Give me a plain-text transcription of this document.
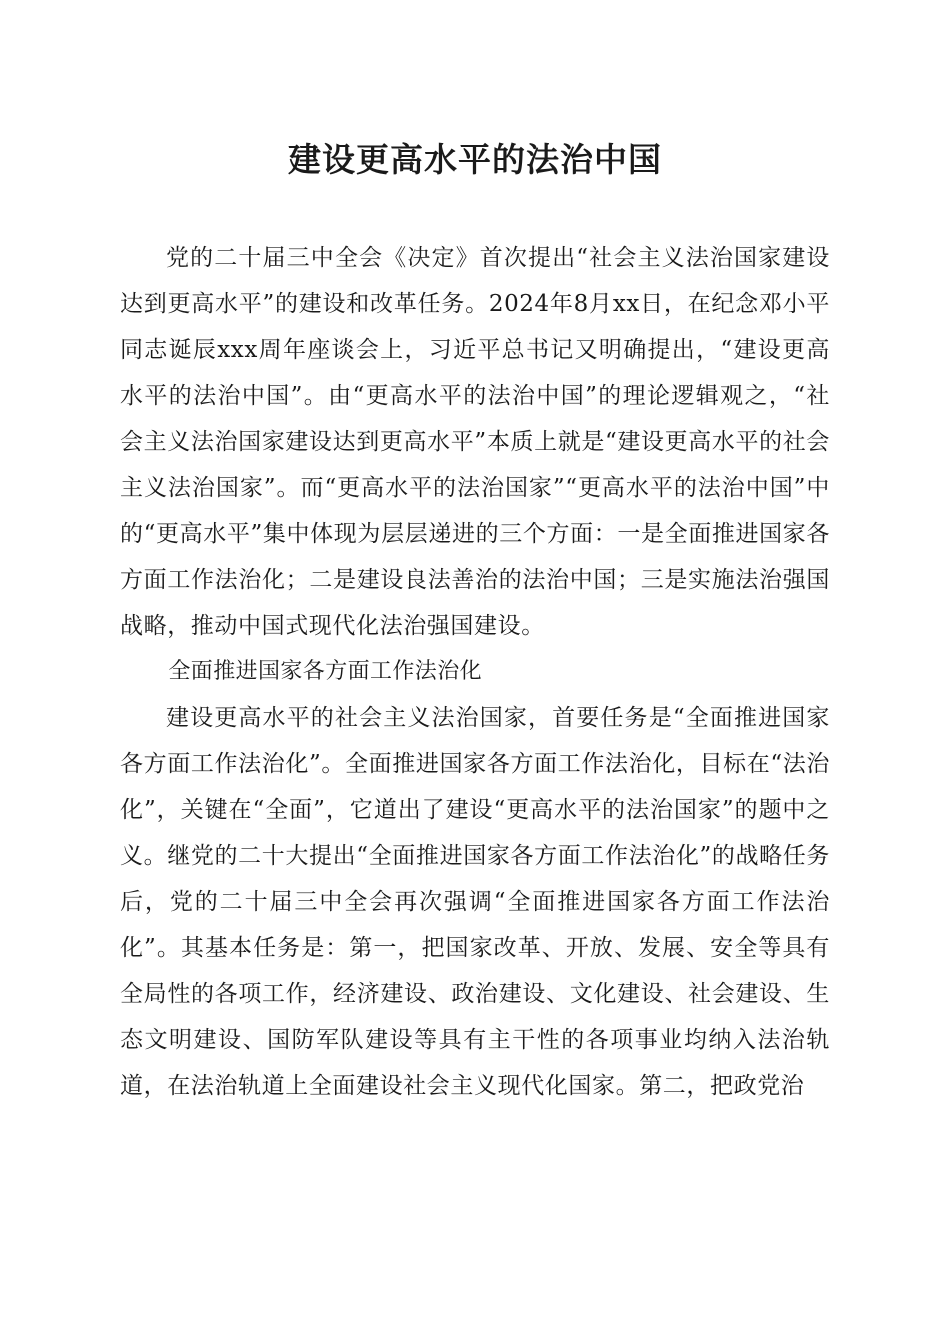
建设更高水平的法治中国

党的二十届三中全会《决定》首次提出“社会主义法治国家建设达到更高水平”的建设和改革任务。2024年8月xx日，在纪念邓小平同志诞辰xxx周年座谈会上，习近平总书记又明确提出，“建设更高水平的法治中国”。由“更高水平的法治中国”的理论逻辑观之，“社会主义法治国家建设达到更高水平”本质上就是“建设更高水平的社会主义法治国家”。而“更高水平的法治国家”“更高水平的法治中国”中的“更高水平”集中体现为层层递进的三个方面：一是全面推进国家各方面工作法治化；二是建设良法善治的法治中国；三是实施法治强国战略，推动中国式现代化法治强国建设。

全面推进国家各方面工作法治化

建设更高水平的社会主义法治国家，首要任务是“全面推进国家各方面工作法治化”。全面推进国家各方面工作法治化，目标在“法治化”，关键在“全面”，它道出了建设“更高水平的法治国家”的题中之义。继党的二十大提出“全面推进国家各方面工作法治化”的战略任务后，党的二十届三中全会再次强调“全面推进国家各方面工作法治化”。其基本任务是：第一，把国家改革、开放、发展、安全等具有全局性的各项工作，经济建设、政治建设、文化建设、社会建设、生态文明建设、国防军队建设等具有主干性的各项事业均纳入法治轨道，在法治轨道上全面建设社会主义现代化国家。第二，把政党治
